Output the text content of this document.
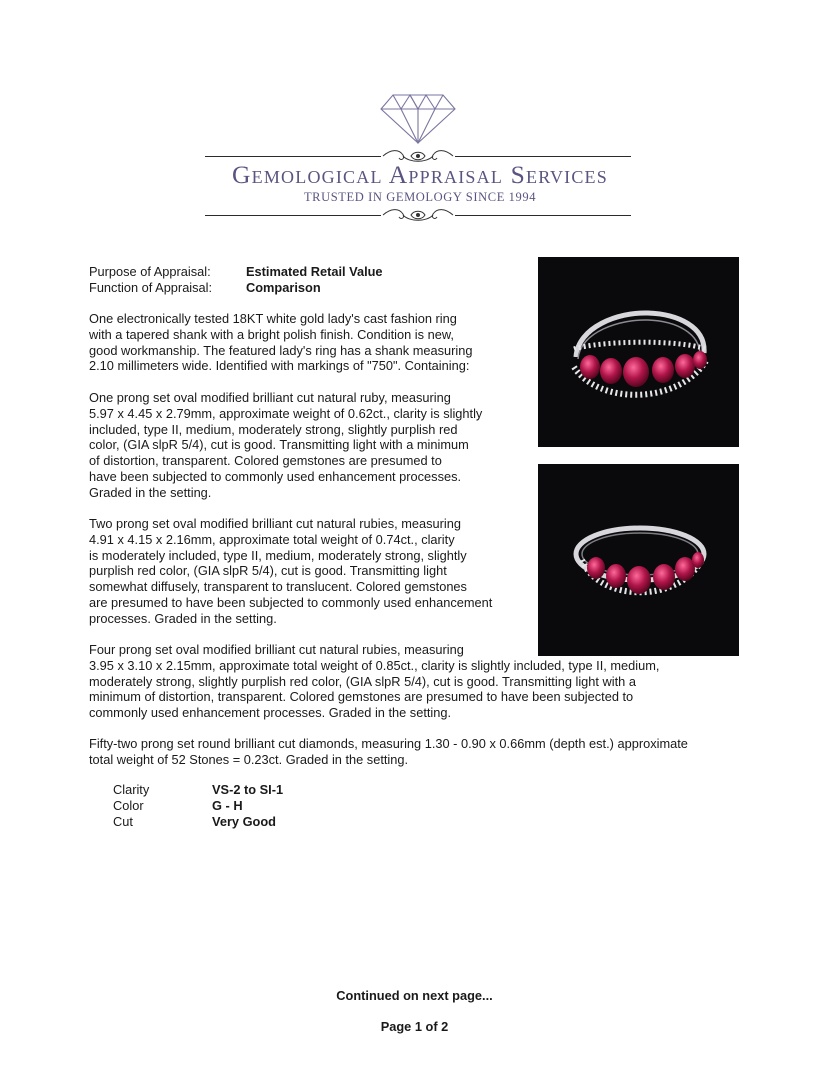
Gemological Appraisal Services
TRUSTED IN GEMOLOGY SINCE 1994
Purpose of Appraisal:	Estimated Retail Value
Function of Appraisal:	Comparison
One electronically tested 18KT white gold lady's cast fashion ring
with a tapered shank with a bright polish finish. Condition is new,
good workmanship. The featured lady's ring has a shank measuring
2.10 millimeters wide. Identified with markings of "750". Containing:
One prong set oval modified brilliant cut natural ruby, measuring
5.97 x 4.45 x 2.79mm, approximate weight of 0.62ct., clarity is slightly
included, type II, medium, moderately strong, slightly purplish red
color, (GIA slpR 5/4), cut is good. Transmitting light with a minimum
of distortion, transparent. Colored gemstones are presumed to
have been subjected to commonly used enhancement processes.
Graded in the setting.
Two prong set oval modified brilliant cut natural rubies, measuring
4.91 x 4.15 x 2.16mm, approximate total weight of 0.74ct., clarity
is moderately included, type II, medium, moderately strong, slightly
purplish red color, (GIA slpR 5/4), cut is good. Transmitting light
somewhat diffusely, transparent to translucent. Colored gemstones
are presumed to have been subjected to commonly used enhancement
processes. Graded in the setting.
Four prong set oval modified brilliant cut natural rubies, measuring
3.95 x 3.10 x 2.15mm, approximate total weight of 0.85ct., clarity is slightly included, type II, medium,
moderately strong, slightly purplish red color, (GIA slpR 5/4), cut is good. Transmitting light with a
minimum of distortion, transparent. Colored gemstones are presumed to have been subjected to
commonly used enhancement processes. Graded in the setting.
Fifty-two prong set round brilliant cut diamonds, measuring 1.30 - 0.90 x 0.66mm (depth est.) approximate
total weight of 52 Stones = 0.23ct. Graded in the setting.
Clarity	VS-2 to SI-1
Color	G - H
Cut	Very Good
Continued on next page...
Page 1 of 2
